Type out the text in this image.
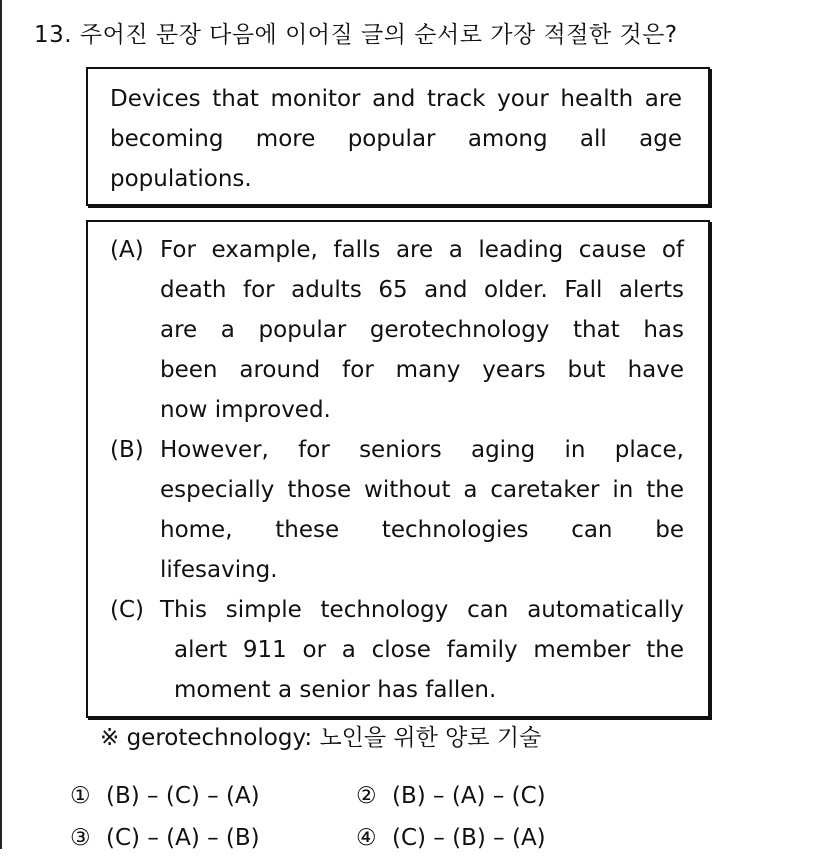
13. 주어진 문장 다음에 이어질 글의 순서로 가장 적절한 것은?
Devices that monitor and track your health are
becoming more popular among all age
populations.
(A) For example, falls are a leading cause of
death for adults 65 and older. Fall alerts
are a popular gerotechnology that has
been around for many years but have
now improved.
(B) However, for seniors aging in place,
especially those without a caretaker in the
home, these technologies can be
lifesaving.
(C) This simple technology can automatically
alert 911 or a close family member the
moment a senior has fallen.
※ gerotechnology: 노인을 위한 양로 기술
① (B) – (C) – (A)	② (B) – (A) – (C)
③ (C) – (A) – (B)	④ (C) – (B) – (A)
